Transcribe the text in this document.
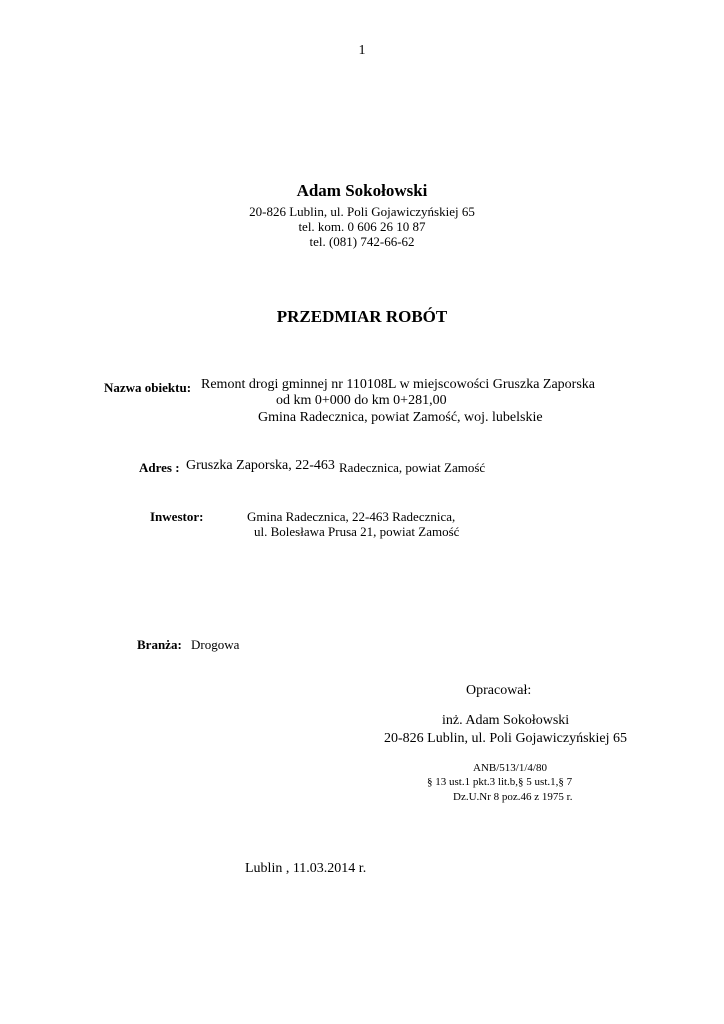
1
Adam Sokołowski
20-826 Lublin, ul. Poli Gojawiczyńskiej 65
tel. kom. 0 606 26 10 87
tel. (081) 742-66-62
PRZEDMIAR ROBÓT
Nazwa obiektu: Remont drogi gminnej nr 110108L w miejscowości Gruszka Zaporska
od km 0+000 do km 0+281,00
Gmina Radecznica, powiat Zamość, woj. lubelskie
Adres : Gruszka Zaporska, 22-463 Radecznica, powiat Zamość
Inwestor:	Gmina Radecznica, 22-463 Radecznica,
ul. Bolesława Prusa 21, powiat Zamość
Branża: Drogowa
Opracował:
inż. Adam Sokołowski
20-826 Lublin, ul. Poli Gojawiczyńskiej 65
ANB/513/1/4/80
§ 13 ust.1 pkt.3 lit.b,§ 5 ust.1,§ 7
Dz.U.Nr 8 poz.46 z 1975 r.
Lublin , 11.03.2014 r.
